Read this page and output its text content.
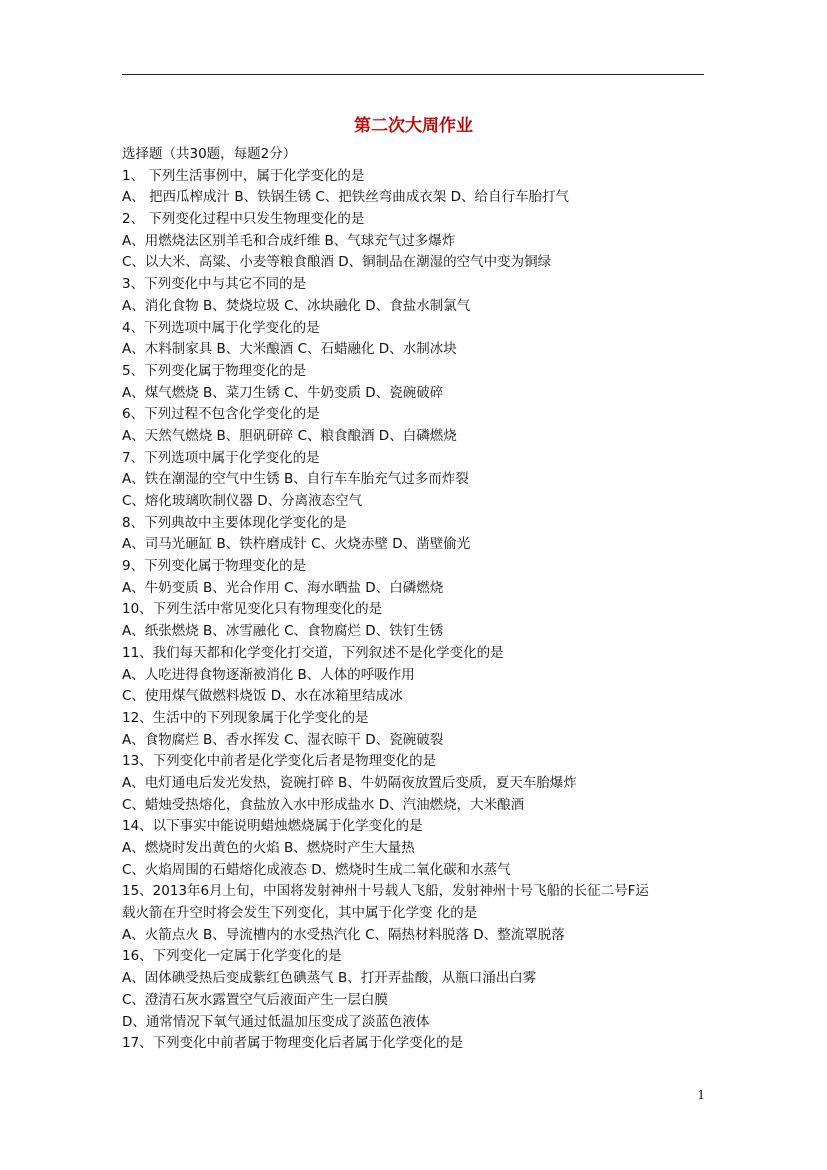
第二次大周作业
选择题（共30题，每题2分）
1、 下列生活事例中，属于化学变化的是
A、 把西瓜榨成汁 B、铁锅生锈 C、把铁丝弯曲成衣架 D、给自行车胎打气
2、 下列变化过程中只发生物理变化的是
A、用燃烧法区别羊毛和合成纤维 B、气球充气过多爆炸
C、以大米、高粱、小麦等粮食酿酒 D、铜制品在潮湿的空气中变为铜绿
3、下列变化中与其它不同的是
A、消化食物 B、焚烧垃圾 C、冰块融化 D、食盐水制氯气
4、下列选项中属于化学变化的是
A、木料制家具 B、大米酿酒 C、石蜡融化 D、水制冰块
5、下列变化属于物理变化的是
A、煤气燃烧 B、菜刀生锈 C、牛奶变质 D、瓷碗破碎
6、下列过程不包含化学变化的是
A、天然气燃烧 B、胆矾研碎 C、粮食酿酒 D、白磷燃烧
7、下列选项中属于化学变化的是
A、铁在潮湿的空气中生锈 B、自行车车胎充气过多而炸裂
C、熔化玻璃吹制仪器 D、分离液态空气
8、下列典故中主要体现化学变化的是
A、司马光砸缸 B、铁杵磨成针 C、火烧赤壁 D、凿壁偷光
9、下列变化属于物理变化的是
A、牛奶变质 B、光合作用 C、海水晒盐 D、白磷燃烧
10、下列生活中常见变化只有物理变化的是
A、纸张燃烧 B、冰雪融化 C、食物腐烂 D、铁钉生锈
11、我们每天都和化学变化打交道，下列叙述不是化学变化的是
A、人吃进得食物逐渐被消化 B、人体的呼吸作用
C、使用煤气做燃料烧饭 D、水在冰箱里结成冰
12、生活中的下列现象属于化学变化的是
A、食物腐烂 B、香水挥发 C、湿衣晾干 D、瓷碗破裂
13、下列变化中前者是化学变化后者是物理变化的是
A、电灯通电后发光发热，瓷碗打碎 B、牛奶隔夜放置后变质，夏天车胎爆炸
C、蜡烛受热熔化，食盐放入水中形成盐水 D、汽油燃烧，大米酿酒
14、以下事实中能说明蜡烛燃烧属于化学变化的是
A、燃烧时发出黄色的火焰 B、燃烧时产生大量热
C、火焰周围的石蜡熔化成液态 D、燃烧时生成二氧化碳和水蒸气
15、2013年6月上旬，中国将发射神州十号载人飞船，发射神州十号飞船的长征二号F运
载火箭在升空时将会发生下列变化，其中属于化学变 化的是
A、火箭点火 B、导流槽内的水受热汽化 C、隔热材料脱落 D、整流罩脱落
16、下列变化一定属于化学变化的是
A、固体碘受热后变成紫红色碘蒸气 B、打开弄盐酸，从瓶口涌出白雾
C、澄清石灰水露置空气后液面产生一层白膜
D、通常情况下氧气通过低温加压变成了淡蓝色液体
17、下列变化中前者属于物理变化后者属于化学变化的是
1
